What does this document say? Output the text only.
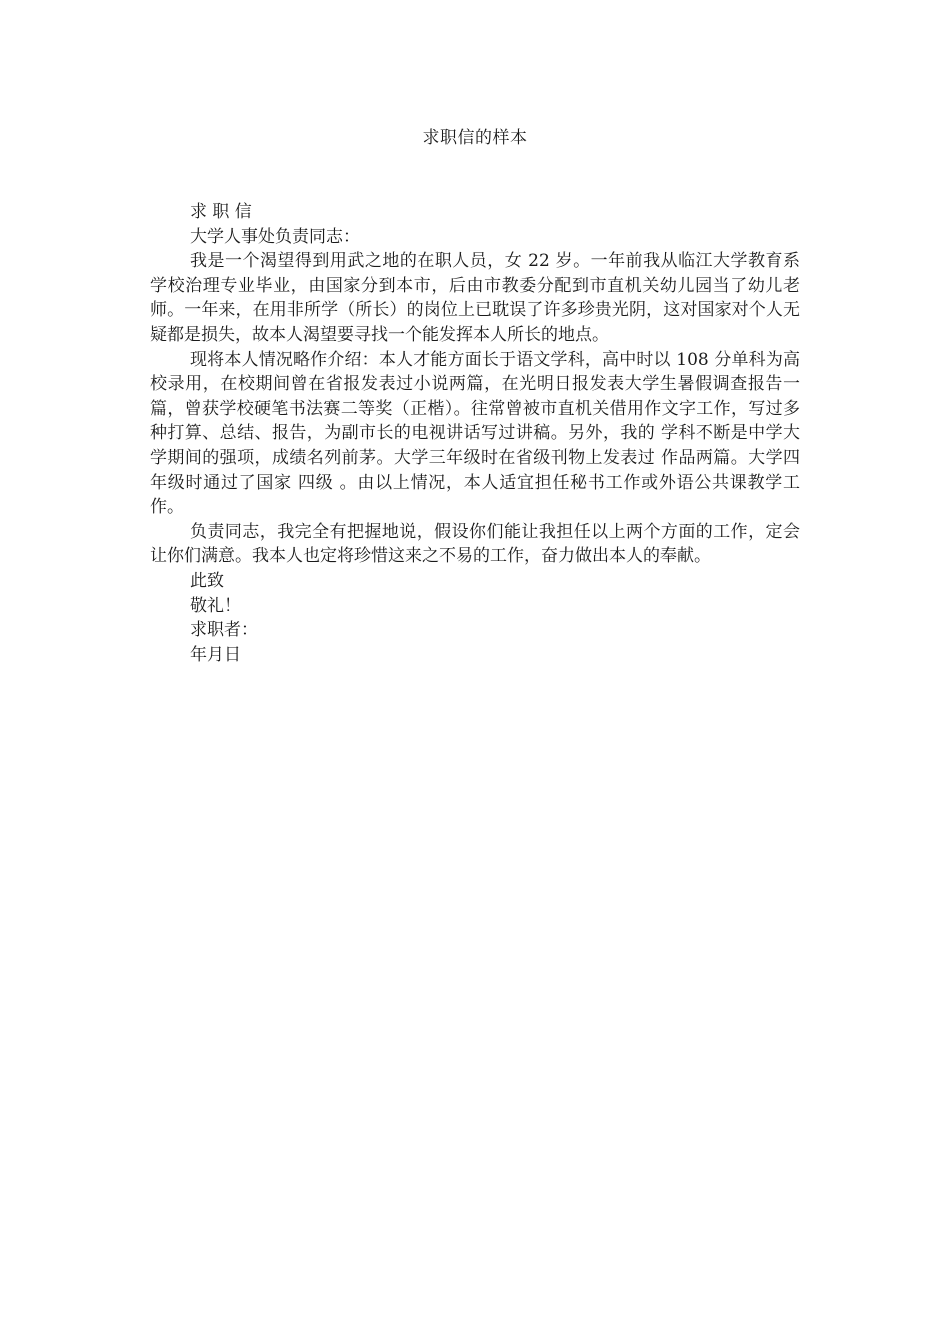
求职信的样本

求 职 信

大学人事处负责同志：

我是一个渴望得到用武之地的在职人员，女 22 岁。一年前我从临江大学教育系学校治理专业毕业，由国家分到本市，后由市教委分配到市直机关幼儿园当了幼儿老师。一年来，在用非所学（所长）的岗位上已耽误了许多珍贵光阴，这对国家对个人无疑都是损失，故本人渴望要寻找一个能发挥本人所长的地点。

现将本人情况略作介绍：本人才能方面长于语文学科，高中时以 108 分单科为高校录用，在校期间曾在省报发表过小说两篇，在光明日报发表大学生暑假调查报告一篇，曾获学校硬笔书法赛二等奖（正楷）。往常曾被市直机关借用作文字工作，写过多种打算、总结、报告，为副市长的电视讲话写过讲稿。另外，我的 学科不断是中学大学期间的强项，成绩名列前茅。大学三年级时在省级刊物上发表过 作品两篇。大学四年级时通过了国家 四级 。由以上情况，本人适宜担任秘书工作或外语公共课教学工作。

负责同志，我完全有把握地说，假设你们能让我担任以上两个方面的工作，定会让你们满意。我本人也定将珍惜这来之不易的工作，奋力做出本人的奉献。

此致

敬礼！

求职者：

年月日
